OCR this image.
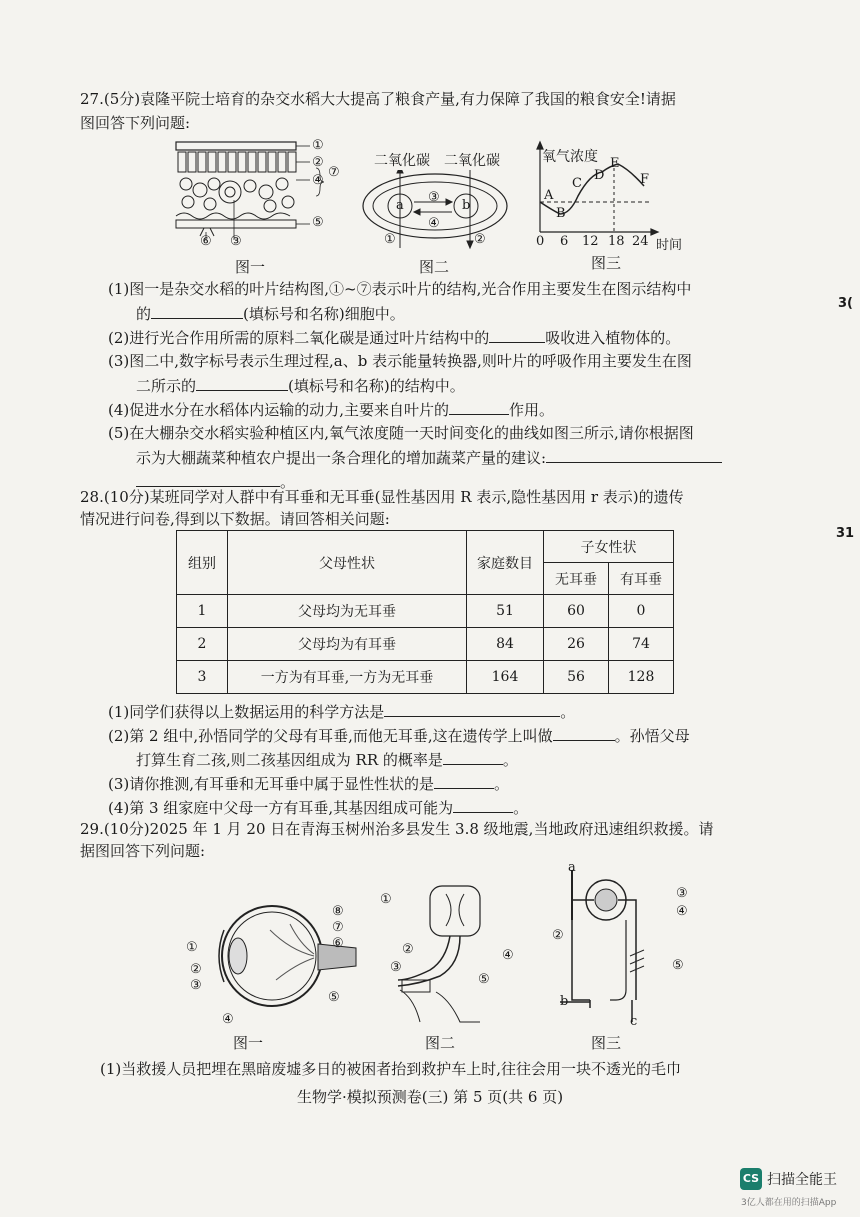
27.(5分)袁隆平院士培育的杂交水稻大大提高了粮食产量,有力保障了我国的粮食安全!请据
图回答下列问题:
①
②
④
⑦
⑤
⑥ ③
图一
二氧化碳 二氧化碳
a	b
③
④
①	②
图二
氧气浓度
A
B
C
D
E
F
0 6 12 18 24 时间
图三
(1)图一是杂交水稻的叶片结构图,①~⑦表示叶片的结构,光合作用主要发生在图示结构中
的	(填标号和名称)细胞中。
(2)进行光合作用所需的原料二氧化碳是通过叶片结构中的	吸收进入植物体的。
(3)图二中,数字标号表示生理过程,a、b 表示能量转换器,则叶片的呼吸作用主要发生在图
二所示的	(填标号和名称)的结构中。
(4)促进水分在水稻体内运输的动力,主要来自叶片的	作用。
(5)在大棚杂交水稻实验种植区内,氧气浓度随一天时间变化的曲线如图三所示,请你根据图
示为大棚蔬菜种植农户提出一条合理化的增加蔬菜产量的建议:
。
28.(10分)某班同学对人群中有耳垂和无耳垂(显性基因用 R 表示,隐性基因用 r 表示)的遗传
情况进行问卷,得到以下数据。请回答相关问题:
组别	父母性状	家庭数目	子女性状	
			无耳垂	有耳垂
1	父母均为无耳垂	51	60	0
2	父母均为有耳垂	84	26	74
3	一方为有耳垂,一方为无耳垂	164	56	128
(1)同学们获得以上数据运用的科学方法是	。
(2)第 2 组中,孙悟同学的父母有耳垂,而他无耳垂,这在遗传学上叫做	。孙悟父母
打算生育二孩,则二孩基因组成为 RR 的概率是	。
(3)请你推测,有耳垂和无耳垂中属于显性性状的是	。
(4)第 3 组家庭中父母一方有耳垂,其基因组成可能为	。
29.(10分)2025 年 1 月 20 日在青海玉树州治多县发生 3.8 级地震,当地政府迅速组织救援。请
据图回答下列问题:
①
②
③
④
⑤
⑥
⑦
⑧
图一
①
②
③
④
⑤
图二
a
③
④
②
⑤
b
c
图三
(1)当救援人员把埋在黑暗废墟多日的被困者抬到救护车上时,往往会用一块不透光的毛巾
3(
31
生物学·模拟预测卷(三) 第 5 页(共 6 页)
CS 扫描全能王
3亿人都在用的扫描App
